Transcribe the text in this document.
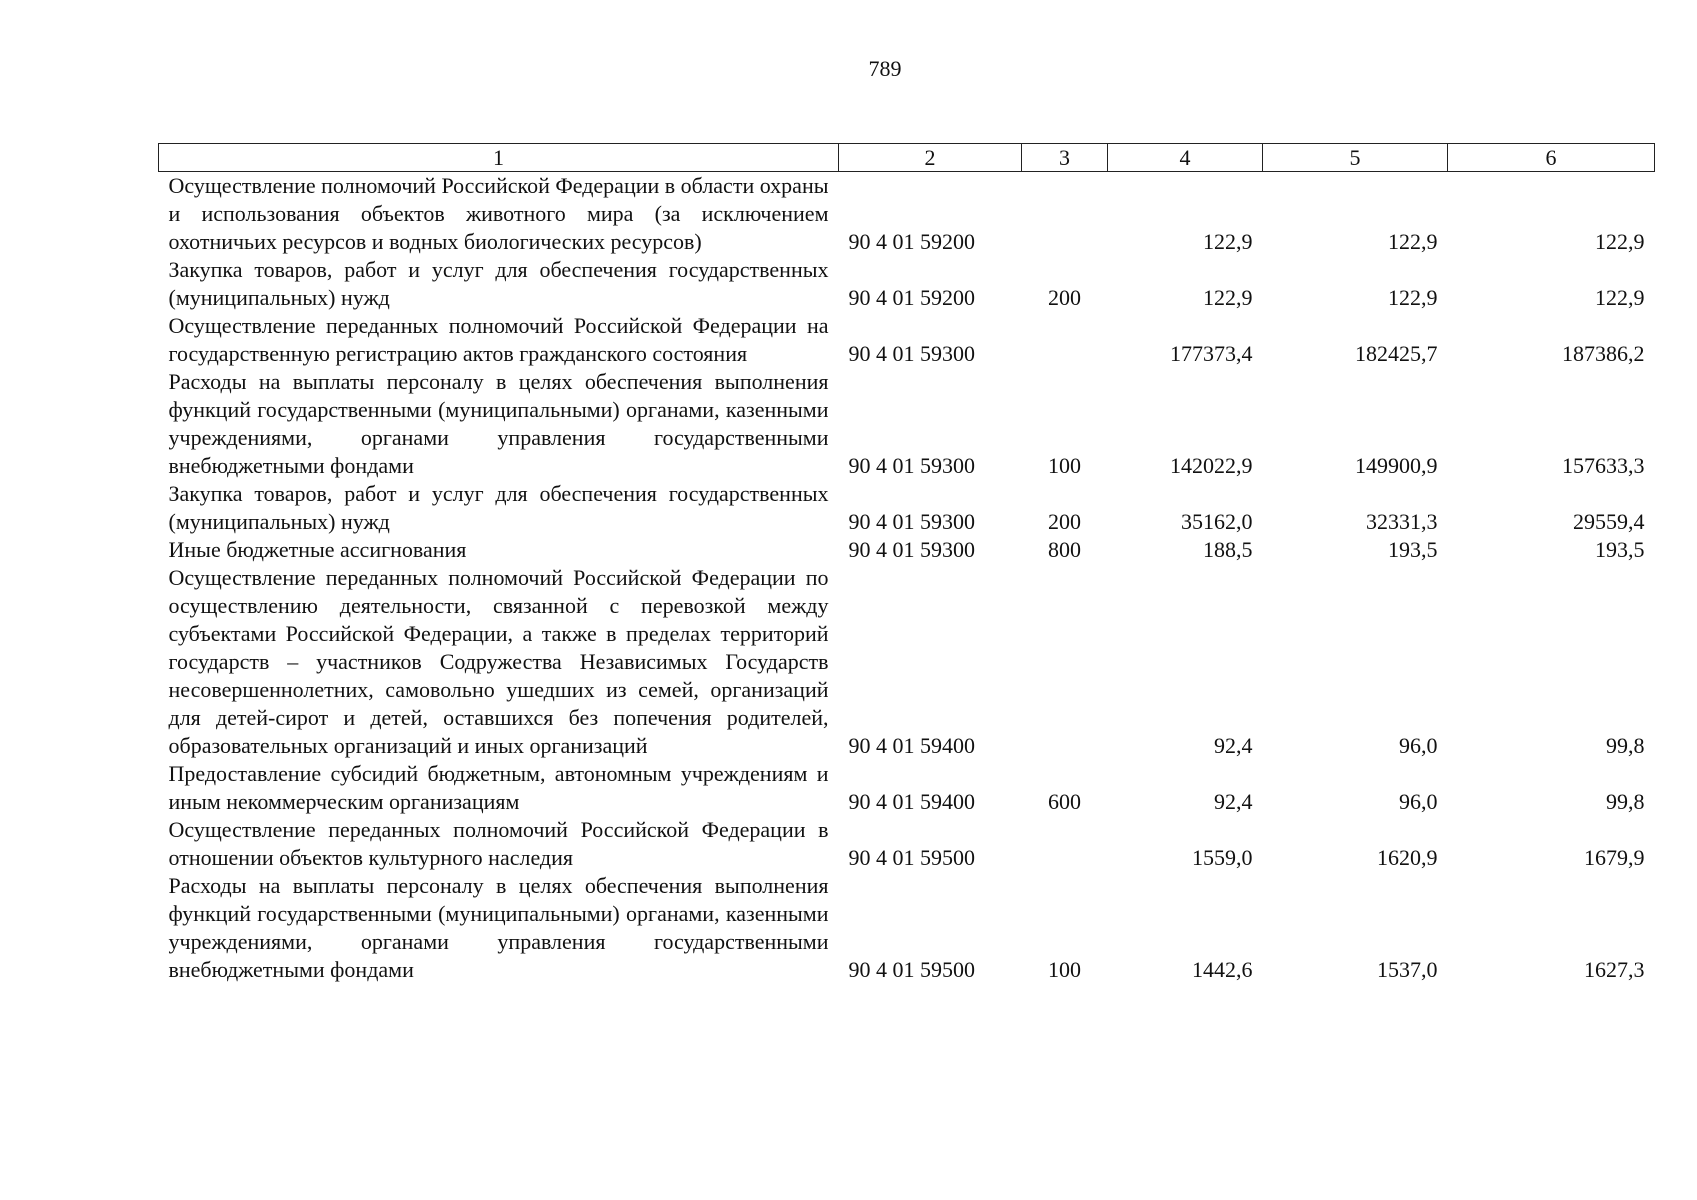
789
1	2	3	4	5	6
Осуществление полномочий Российской Федерации в области охраны и использования объектов животного мира (за исключением охотничьих ресурсов и водных биологических ресурсов)	90 4 01 59200		122,9	122,9	122,9
Закупка товаров, работ и услуг для обеспечения государственных (муниципальных) нужд	90 4 01 59200	200	122,9	122,9	122,9
Осуществление переданных полномочий Российской Федерации на государственную регистрацию актов гражданского состояния	90 4 01 59300		177373,4	182425,7	187386,2
Расходы на выплаты персоналу в целях обеспечения выполнения функций государственными (муниципальными) органами, казенными учреждениями, органами управления государственными внебюджетными фондами	90 4 01 59300	100	142022,9	149900,9	157633,3
Закупка товаров, работ и услуг для обеспечения государственных (муниципальных) нужд	90 4 01 59300	200	35162,0	32331,3	29559,4
Иные бюджетные ассигнования	90 4 01 59300	800	188,5	193,5	193,5
Осуществление переданных полномочий Российской Федерации по осуществлению деятельности, связанной с перевозкой между субъектами Российской Федерации, а также в пределах территорий государств – участников Содружества Независимых Государств несовершеннолетних, самовольно ушедших из семей, организаций для детей-сирот и детей, оставшихся без попечения родителей, образовательных организаций и иных организаций	90 4 01 59400		92,4	96,0	99,8
Предоставление субсидий бюджетным, автономным учреждениям и иным некоммерческим организациям	90 4 01 59400	600	92,4	96,0	99,8
Осуществление переданных полномочий Российской Федерации в отношении объектов культурного наследия	90 4 01 59500		1559,0	1620,9	1679,9
Расходы на выплаты персоналу в целях обеспечения выполнения функций государственными (муниципальными) органами, казенными учреждениями, органами управления государственными внебюджетными фондами	90 4 01 59500	100	1442,6	1537,0	1627,3
